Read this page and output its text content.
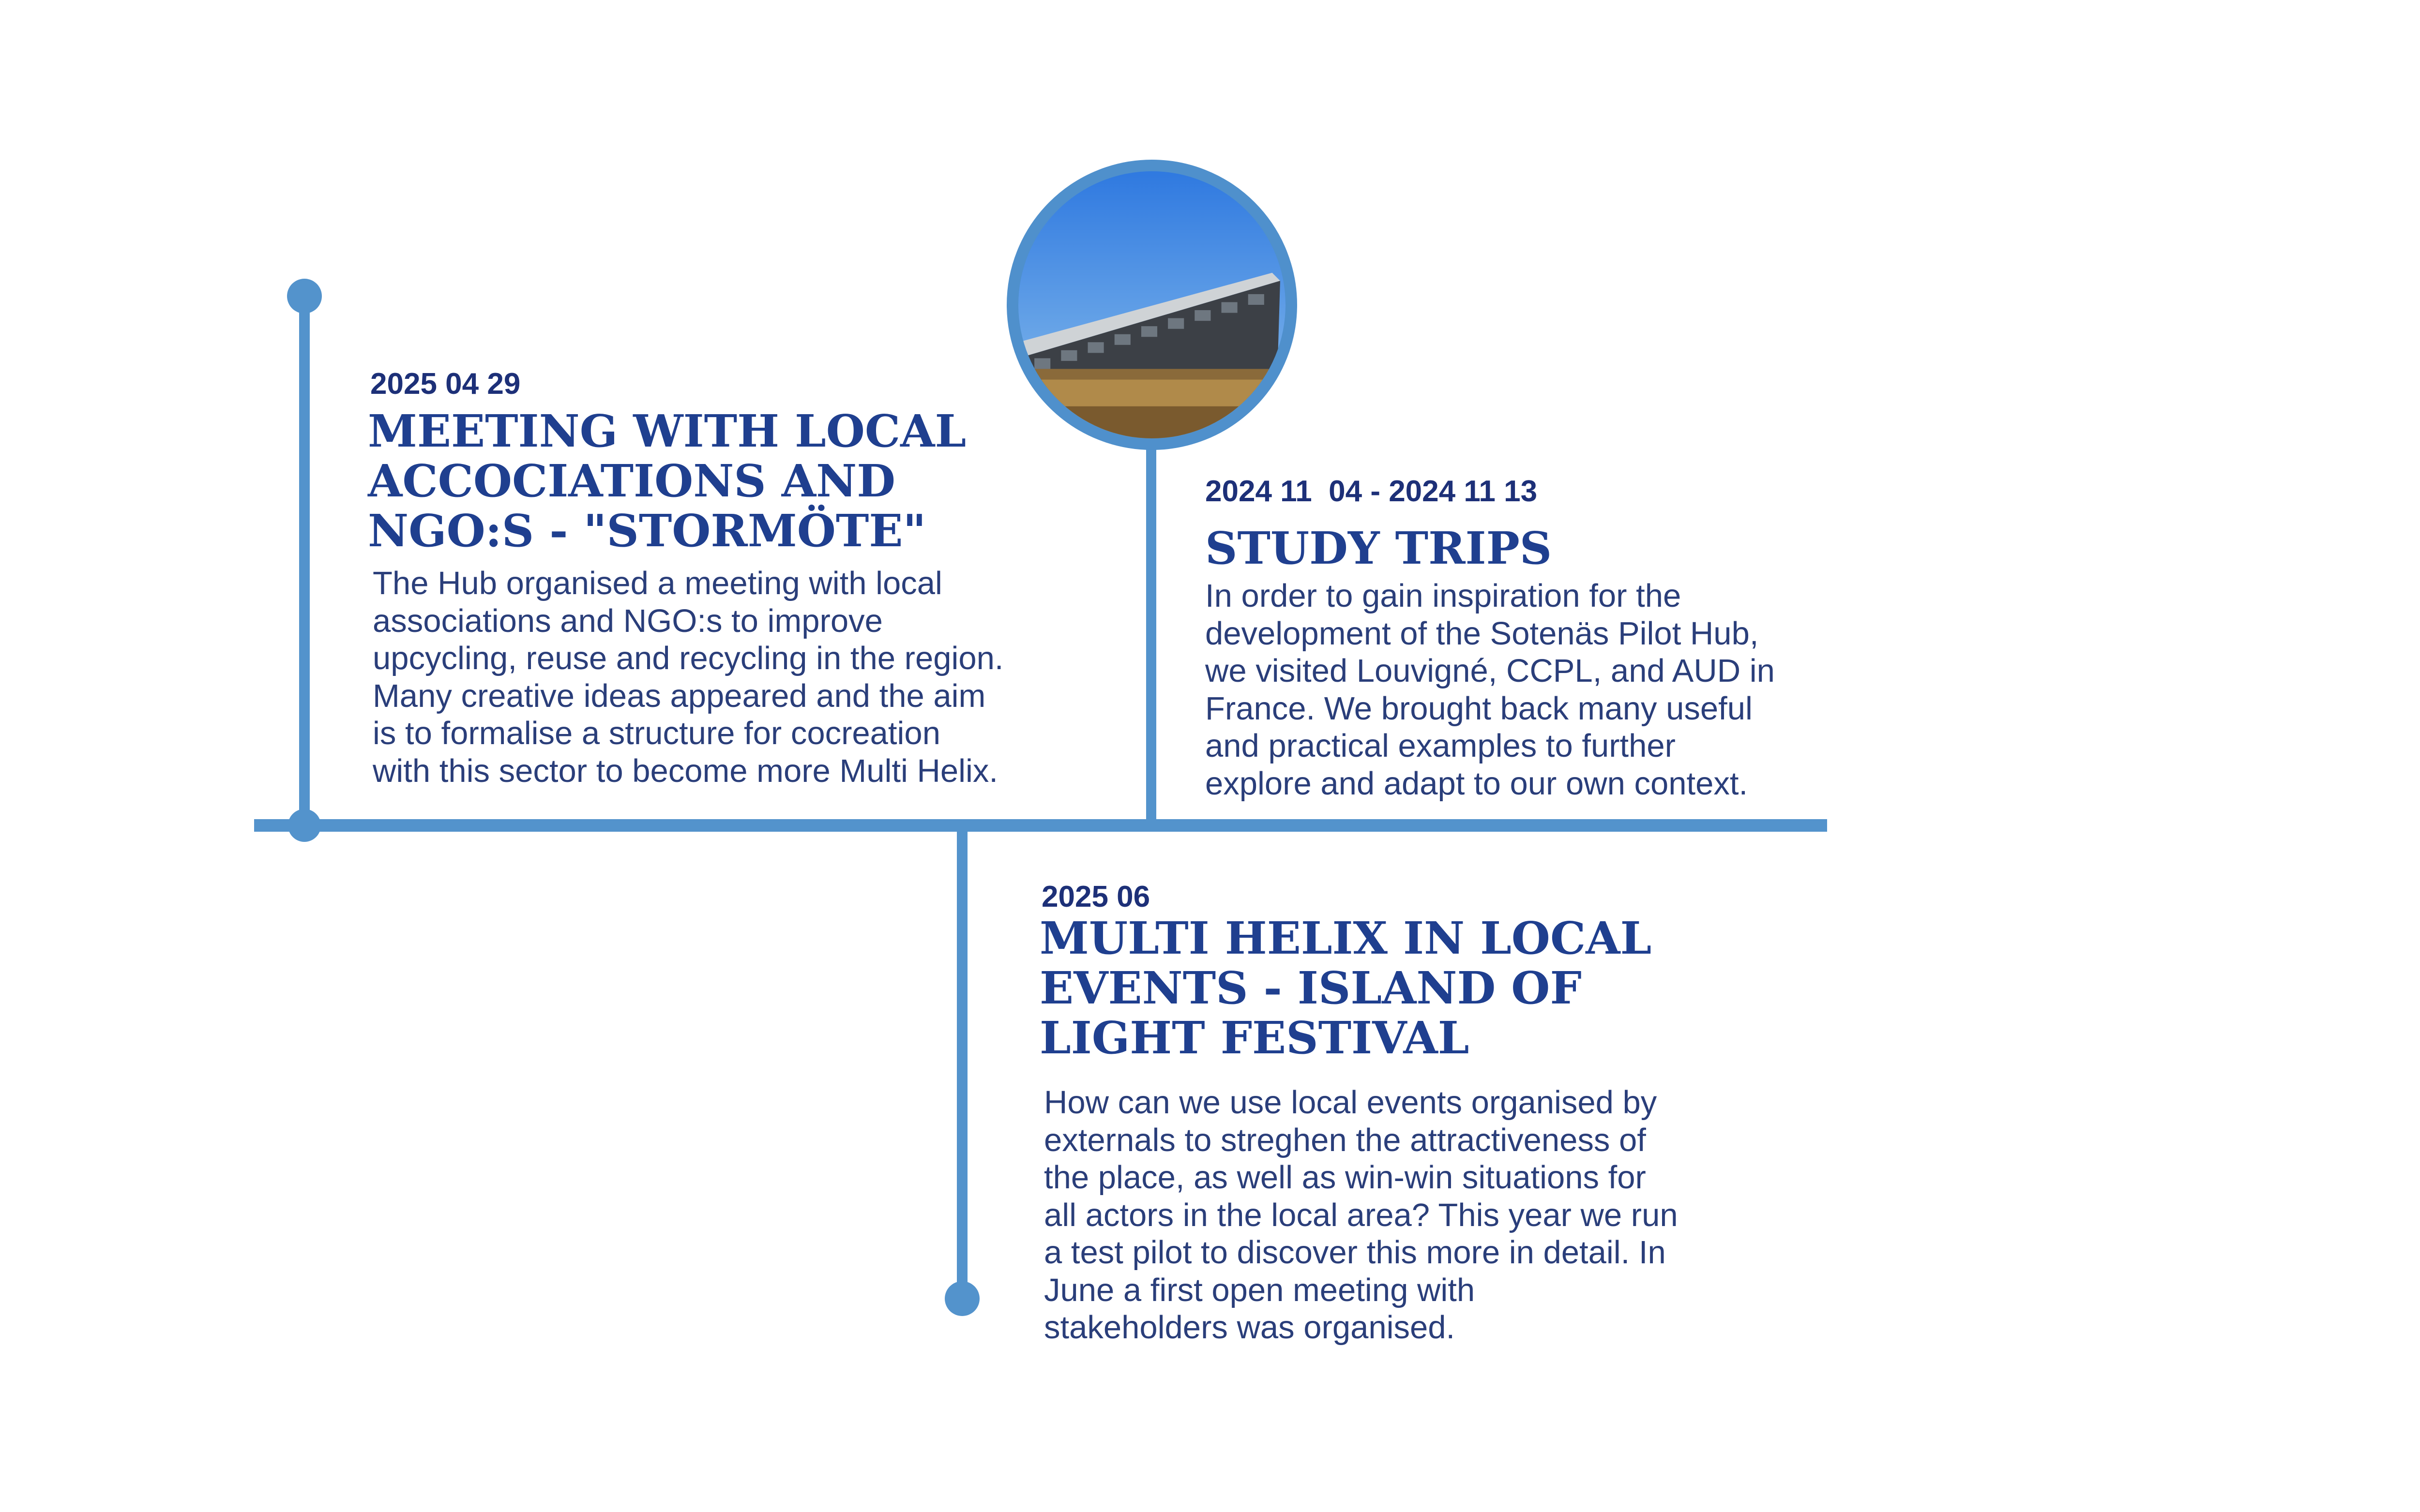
2025 04 29
MEETING WITH LOCAL
ACCOCIATIONS AND
NGO:S - "STORMÖTE"
The Hub organised a meeting with local
associations and NGO:s to improve
upcycling, reuse and recycling in the region.
Many creative ideas appeared and the aim
is to formalise a structure for cocreation
with this sector to become more Multi Helix.
2024 11  04 - 2024 11 13
STUDY TRIPS
In order to gain inspiration for the
development of the Sotenäs Pilot Hub,
we visited Louvigné, CCPL, and AUD in
France. We brought back many useful
and practical examples to further
explore and adapt to our own context.
2025 06
MULTI HELIX IN LOCAL
EVENTS - ISLAND OF
LIGHT FESTIVAL
How can we use local events organised by
externals to streghen the attractiveness of
the place, as well as win-win situations for
all actors in the local area? This year we run
a test pilot to discover this more in detail. In
June a first open meeting with
stakeholders was organised.
